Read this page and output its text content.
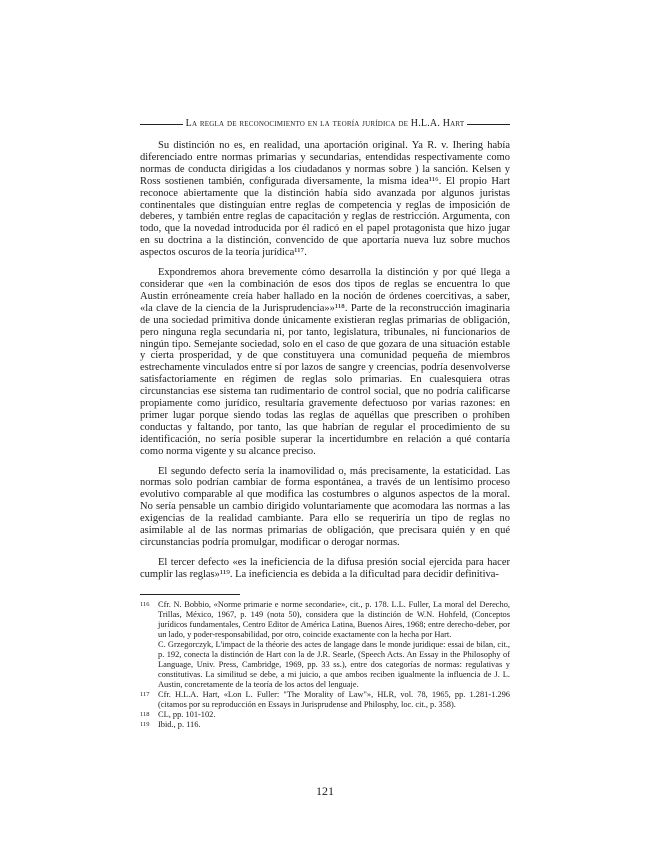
La regla de reconocimiento en la teoría jurídica de H.L.A. Hart

Su distinción no es, en realidad, una aportación original. Ya R. v. Ihering había diferenciado entre normas primarias y secundarias, entendidas respectivamente como normas de conducta dirigidas a los ciudadanos y normas sobre ) la sanción. Kelsen y Ross sostienen también, configurada diversamente, la misma idea¹¹⁶. El propio Hart reconoce abiertamente que la distinción había sido avanzada por algunos juristas continentales que distinguían entre reglas de competencia y reglas de imposición de deberes, y también entre reglas de capacitación y reglas de restricción. Argumenta, con todo, que la novedad introducida por él radicó en el papel protagonista que hizo jugar en su doctrina a la distinción, convencido de que aportaría nueva luz sobre muchos aspectos oscuros de la teoría jurídica¹¹⁷.

Expondremos ahora brevemente cómo desarrolla la distinción y por qué llega a considerar que «en la combinación de esos dos tipos de reglas se encuentra lo que Austin erróneamente creía haber hallado en la noción de órdenes coercitivas, a saber, «la clave de la ciencia de la Jurisprudencia»»¹¹⁸. Parte de la reconstrucción imaginaria de una sociedad primitiva donde únicamente existieran reglas primarias de obligación, pero ninguna regla secundaria ni, por tanto, legislatura, tribunales, ni funcionarios de ningún tipo. Semejante sociedad, solo en el caso de que gozara de una situación estable y cierta prosperidad, y de que constituyera una comunidad pequeña de miembros estrechamente vinculados entre sí por lazos de sangre y creencias, podría desenvolverse satisfactoriamente en régimen de reglas solo primarias. En cualesquiera otras circunstancias ese sistema tan rudimentario de control social, que no podría calificarse propiamente como jurídico, resultaría gravemente defectuoso por varias razones: en primer lugar porque siendo todas las reglas de aquéllas que prescriben o prohíben conductas y faltando, por tanto, las que habrían de regular el procedimiento de su identificación, no sería posible superar la incertidumbre en relación a qué contaría como norma vigente y su alcance preciso.

El segundo defecto sería la inamovilidad o, más precisamente, la estaticidad. Las normas solo podrían cambiar de forma espontánea, a través de un lentísimo proceso evolutivo comparable al que modifica las costumbres o algunos aspectos de la moral. No sería pensable un cambio dirigido voluntariamente que acomodara las normas a las exigencias de la realidad cambiante. Para ello se requeriría un tipo de reglas no asimilable al de las normas primarias de obligación, que precisara quién y en qué circunstancias podría promulgar, modificar o derogar normas.

El tercer defecto «es la ineficiencia de la difusa presión social ejercida para hacer cumplir las reglas»¹¹⁹. La ineficiencia es debida a la dificultad para decidir definitiva-

116	Cfr. N. Bobbio, «Norme primarie e norme secondarie», cit., p. 178. L.L. Fuller, La moral del Derecho, Trillas, México, 1967, p. 149 (nota 50), considera que la distinción de W.N. Hohfeld, (Conceptos jurídicos fundamentales, Centro Editor de América Latina, Buenos Aires, 1968; entre derecho-deber, por un lado, y poder-responsabilidad, por otro, coincide exactamente con la hecha por Hart.
C. Grzegorczyk, L'impact de la théorie des actes de langage dans le monde juridique: essai de bilan, cit., p. 192, conecta la distinción de Hart con la de J.R. Searle, (Speech Acts. An Essay in the Philosophy of Language, Univ. Press, Cambridge, 1969, pp. 33 ss.), entre dos categorías de normas: regulativas y constitutivas. La similitud se debe, a mi juicio, a que ambos reciben igualmente la influencia de J. L. Austin, concretamente de la teoría de los actos del lenguaje.
117	Cfr. H.L.A. Hart, «Lon L. Fuller: "The Morality of Law"», HLR, vol. 78, 1965, pp. 1.281-1.296 (citamos por su reproducción en Essays in Jurisprudense and Philosphy, loc. cit., p. 358).
118	CL, pp. 101-102.
119	Ibid., p. 116.
121
